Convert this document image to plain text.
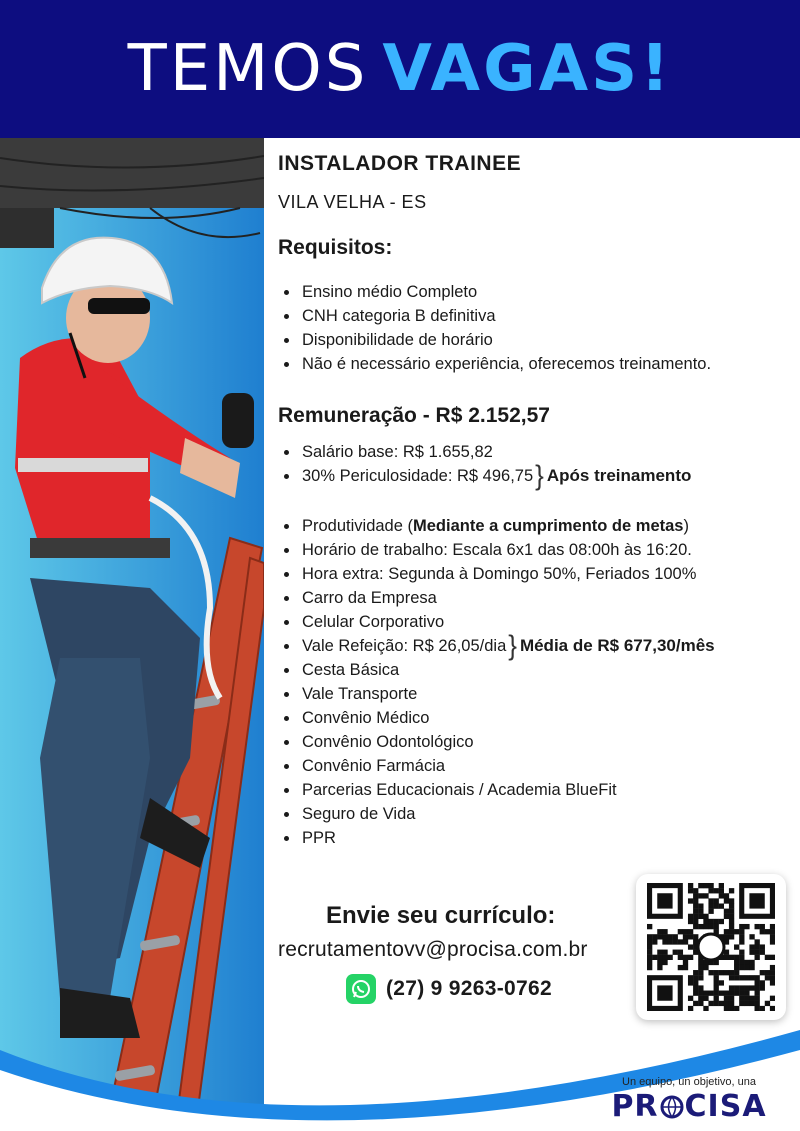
TEMOS VAGAS!
INSTALADOR TRAINEE
VILA VELHA - ES
Requisitos:
Ensino médio Completo
CNH categoria B definitiva
Disponibilidade de horário
Não é necessário experiência, oferecemos treinamento.
Remuneração - R$ 2.152,57
Salário base: R$ 1.655,82
30% Periculosidade: R$ 496,75} Após treinamento
Produtividade (Mediante a cumprimento de metas)
Horário de trabalho: Escala 6x1 das 08:00h às 16:20.
Hora extra: Segunda à Domingo 50%, Feriados 100%
Carro da Empresa
Celular Corporativo
Vale Refeição: R$ 26,05/dia} Média de R$ 677,30/mês
Cesta Básica
Vale Transporte
Convênio Médico
Convênio Odontológico
Convênio Farmácia
Parcerias Educacionais / Academia BlueFit
Seguro de Vida
PPR
Envie seu currículo:
recrutamentovv@procisa.com.br
(27) 9 9263-0762
Un equipo, un objetivo, una
PR CISA
